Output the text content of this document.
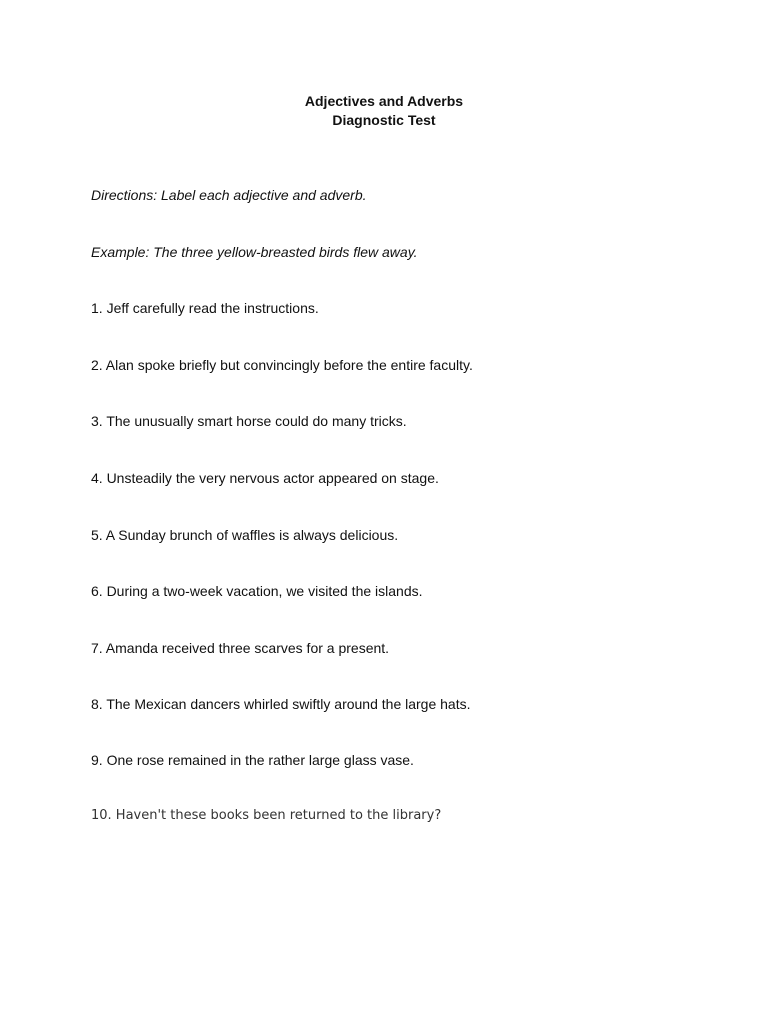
Adjectives and Adverbs
Diagnostic Test
Directions: Label each adjective and adverb.
Example: The three yellow-breasted birds flew away.
1. Jeff carefully read the instructions.
2. Alan spoke briefly but convincingly before the entire faculty.
3. The unusually smart horse could do many tricks.
4. Unsteadily the very nervous actor appeared on stage.
5. A Sunday brunch of waffles is always delicious.
6. During a two-week vacation, we visited the islands.
7. Amanda received three scarves for a present.
8. The Mexican dancers whirled swiftly around the large hats.
9. One rose remained in the rather large glass vase.
10. Haven't these books been returned to the library?
